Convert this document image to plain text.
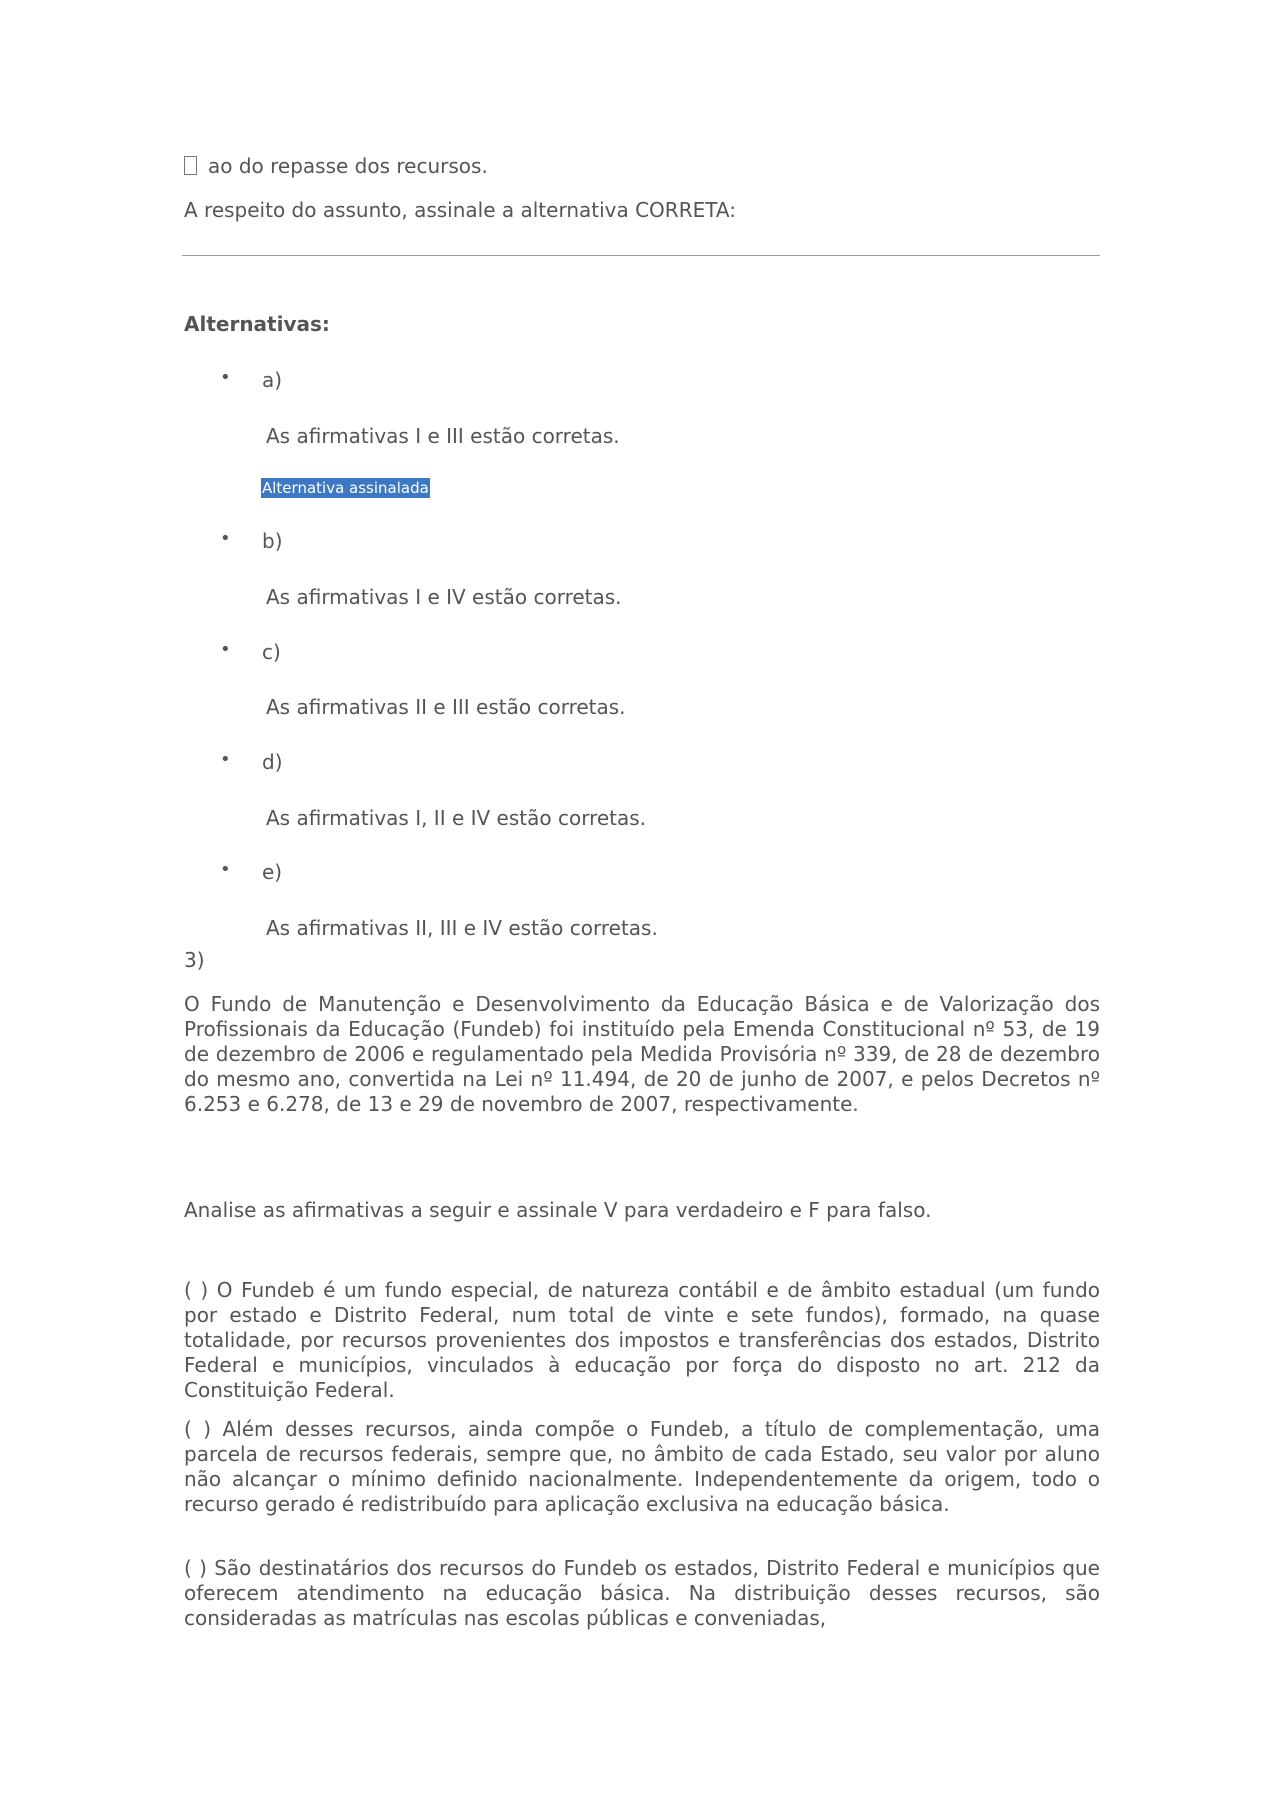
ao do repasse dos recursos.
A respeito do assunto, assinale a alternativa CORRETA:
Alternativas:
• a)
As afirmativas I e III estão corretas.
Alternativa assinalada
• b)
As afirmativas I e IV estão corretas.
• c)
As afirmativas II e III estão corretas.
• d)
As afirmativas I, II e IV estão corretas.
• e)
As afirmativas II, III e IV estão corretas.
3)
O Fundo de Manutenção e Desenvolvimento da Educação Básica e de Valorização dos Profissionais da Educação (Fundeb) foi instituído pela Emenda Constitucional nº 53, de 19 de dezembro de 2006 e regulamentado pela Medida Provisória nº 339, de 28 de dezembro do mesmo ano, convertida na Lei nº 11.494, de 20 de junho de 2007, e pelos Decretos nº 6.253 e 6.278, de 13 e 29 de novembro de 2007, respectivamente.
Analise as afirmativas a seguir e assinale V para verdadeiro e F para falso.
( ) O Fundeb é um fundo especial, de natureza contábil e de âmbito estadual (um fundo por estado e Distrito Federal, num total de vinte e sete fundos), formado, na quase totalidade, por recursos provenientes dos impostos e transferências dos estados, Distrito Federal e municípios, vinculados à educação por força do disposto no art. 212 da Constituição Federal.
( ) Além desses recursos, ainda compõe o Fundeb, a título de complementação, uma parcela de recursos federais, sempre que, no âmbito de cada Estado, seu valor por aluno não alcançar o mínimo definido nacionalmente. Independentemente da origem, todo o recurso gerado é redistribuído para aplicação exclusiva na educação básica.
( ) São destinatários dos recursos do Fundeb os estados, Distrito Federal e municípios que oferecem atendimento na educação básica. Na distribuição desses recursos, são consideradas as matrículas nas escolas públicas e conveniadas,
